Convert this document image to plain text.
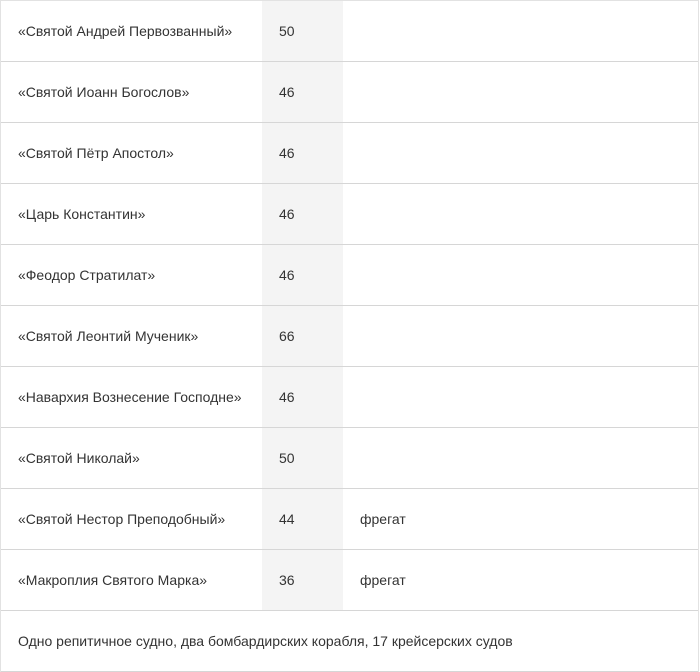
«Святой Андрей Первозванный»	50
«Святой Иоанн Богослов»	46
«Святой Пётр Апостол»	46
«Царь Константин»	46
«Феодор Стратилат»	46
«Святой Леонтий Мученик»	66
«Навархия Вознесение Господне»	46
«Святой Николай»	50
«Святой Нестор Преподобный»	44	фрегат
«Макроплия Святого Марка»	36	фрегат
Одно репитичное судно, два бомбардирских корабля, 17 крейсерских судов
